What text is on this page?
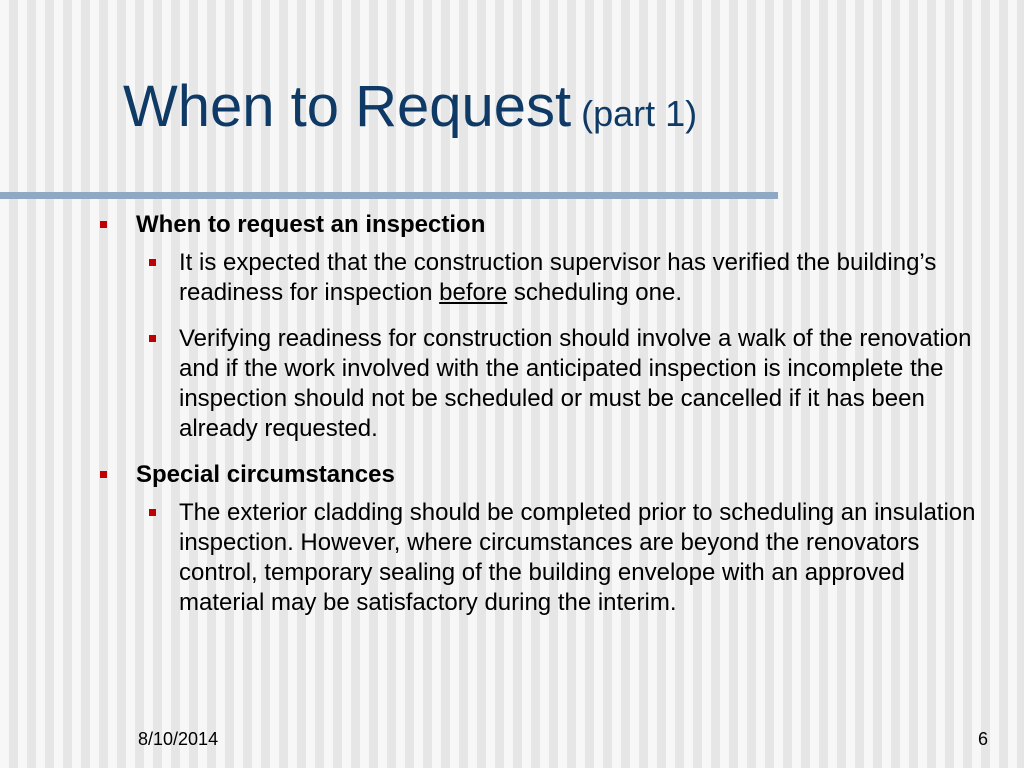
When to Request (part 1)
When to request an inspection
It is expected that the construction supervisor has verified the building’s readiness for inspection before scheduling one.
Verifying readiness for construction should involve a walk of the renovation and if the work involved with the anticipated inspection is incomplete the inspection should not be scheduled or must be cancelled if it has been already requested.
Special circumstances
The exterior cladding should be completed prior to scheduling an insulation inspection. However, where circumstances are beyond the renovators control, temporary sealing of the building envelope with an approved material may be satisfactory during the interim.
8/10/2014	6
